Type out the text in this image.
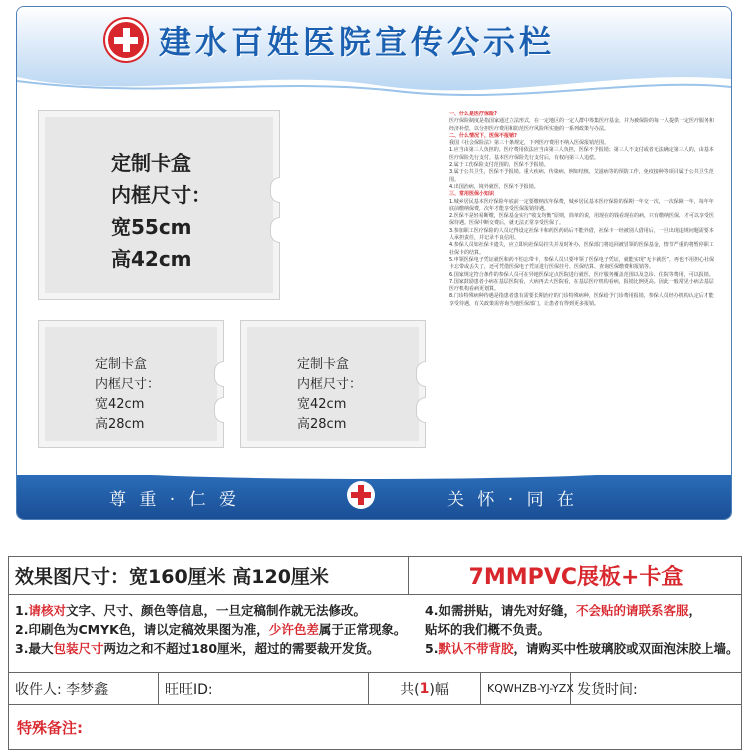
建水百姓医院宣传公示栏
定制卡盒
内框尺寸：
宽55cm
高42cm
定制卡盒
内框尺寸：
宽42cm
高28cm
定制卡盒
内框尺寸：
宽42cm
高28cm

一、什么是医疗保险?

医疗保险制度是指国家通过立法形式，在一定地区的一定人群中筹集医疗基金，并为被保险的每一人提供一定医疗服务和经济补偿，以分担医疗费用和防范医疗风险所实施的一系列政策与办法。

二、什么情况下，医保不报销?

我国《社会保险法》第三十条规定，下列医疗费用不纳入医保报销范围。

1.应当由第三人负担的。医疗费用依法应当由第三人负担，医保不予报销；第三人不支付或者无法确定第三人的，由基本医疗保险先行支付。基本医疗保险先行支付后，有权向第三人追偿。

2.属于工伤保险支付范围的，医保不予报销。

3.属于公共卫生，医保不予报销。重大疾病、传染病、例如结核、艾滋病等的预防工作，免疫接种等项目属于公共卫生范围。

4.出国治病，境外就医，医保不予报销。

三、常用医保小知识

1.城乡居民基本医疗保险年底前一定要缴纳次年保费，城乡居民基本医疗保险的保期一年交一次，一次保障一年，每年年底前缴纳保费，次年才能享受医保报销待遇。

2.医保不是轻易断缴，医保基金实行“收支均衡”原则，简单的说，用现在的钱看现在的病，只有缴纳医保，才可以享受医保待遇。医保中断交费后，就无法正常享受医保了。

3.参加职工医疗保险的人员记得设定社保卡和药医药码后不能外借，社保卡一经被别人借用后，一旦出现违规问题需要本人承担责任，并记录不良信用。

4.参保人员如社保卡遗失，应立即向社保局挂失并及时补办，医保部门将追回被冒领的医保基金，情节严重的将暂停职工社保卡的结算。

5.申领医保电子凭证就医和药不怕忘带卡，参保人员只要申领了医保电子凭证，就能实现“无卡就医”，再也不用担心社保卡忘带或丢失了，还可凭借医保电子凭证进行医保挂号、医保结算、查询医保缴费和报销等。

6.国家规定符合条件的参保人员可在异地医保定点医院进行就医，医疗服务覆盖范围以及急诊、住院等费用，可以报销。

7.国家鼓励患者小病在基层医院看，大病再去大医院看，在基层医疗机构看病，报销比例更高。因此一般常见小病去基层医疗机构看病更划算。

8.门诊特殊病种待遇是指患者患有需要长期治疗的门诊特殊病种，医保给予门诊费用报销，参保人员经办机构认定后才能享受待遇，有关政策需咨询当地医保部门，让患者有得到更多报销。

尊 重 · 仁 爱	关 怀 · 同 在
效果图尺寸：宽160厘米 高120厘米	7MMPVC展板+卡盒
1.请核对文字、尺寸、颜色等信息，一旦定稿制作就无法修改。
2.印刷色为CMYK色，请以定稿效果图为准，少许色差属于正常现象。
3.最大包装尺寸两边之和不超过180厘米，超过的需要裁开发货。
4.如需拼贴，请先对好缝，不会贴的请联系客服，
贴坏的我们概不负责。
5.默认不带背胶，请购买中性玻璃胶或双面泡沫胶上墙。
收件人: 李梦鑫	旺旺ID:	共( 1 )幅	KQWHZB-YJ-YZX 发货时间:
特殊备注:
